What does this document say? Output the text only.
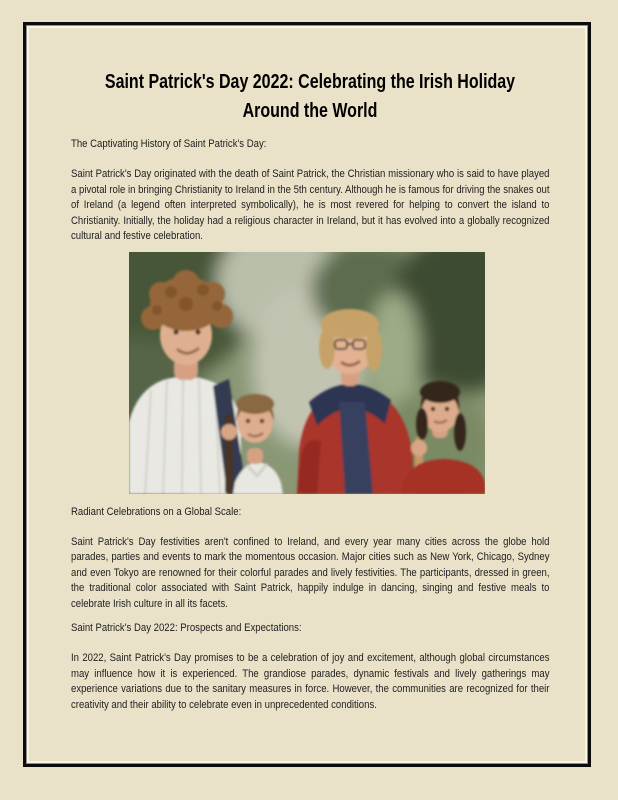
Saint Patrick's Day 2022: Celebrating the Irish Holiday
Around the World
The Captivating History of Saint Patrick's Day:

Saint Patrick's Day originated with the death of Saint Patrick, the Christian missionary who is said to have played a pivotal role in bringing Christianity to Ireland in the 5th century. Although he is famous for driving the snakes out of Ireland (a legend often interpreted symbolically), he is most revered for helping to convert the island to Christianity. Initially, the holiday had a religious character in Ireland, but it has evolved into a globally recognized cultural and festive celebration.

Radiant Celebrations on a Global Scale:

Saint Patrick's Day festivities aren't confined to Ireland, and every year many cities across the globe hold parades, parties and events to mark the momentous occasion. Major cities such as New York, Chicago, Sydney and even Tokyo are renowned for their colorful parades and lively festivities. The participants, dressed in green, the traditional color associated with Saint Patrick, happily indulge in dancing, singing and festive meals to celebrate Irish culture in all its facets.

Saint Patrick's Day 2022: Prospects and Expectations:

In 2022, Saint Patrick's Day promises to be a celebration of joy and excitement, although global circumstances may influence how it is experienced. The grandiose parades, dynamic festivals and lively gatherings may experience variations due to the sanitary measures in force. However, the communities are recognized for their creativity and their ability to celebrate even in unprecedented conditions.
